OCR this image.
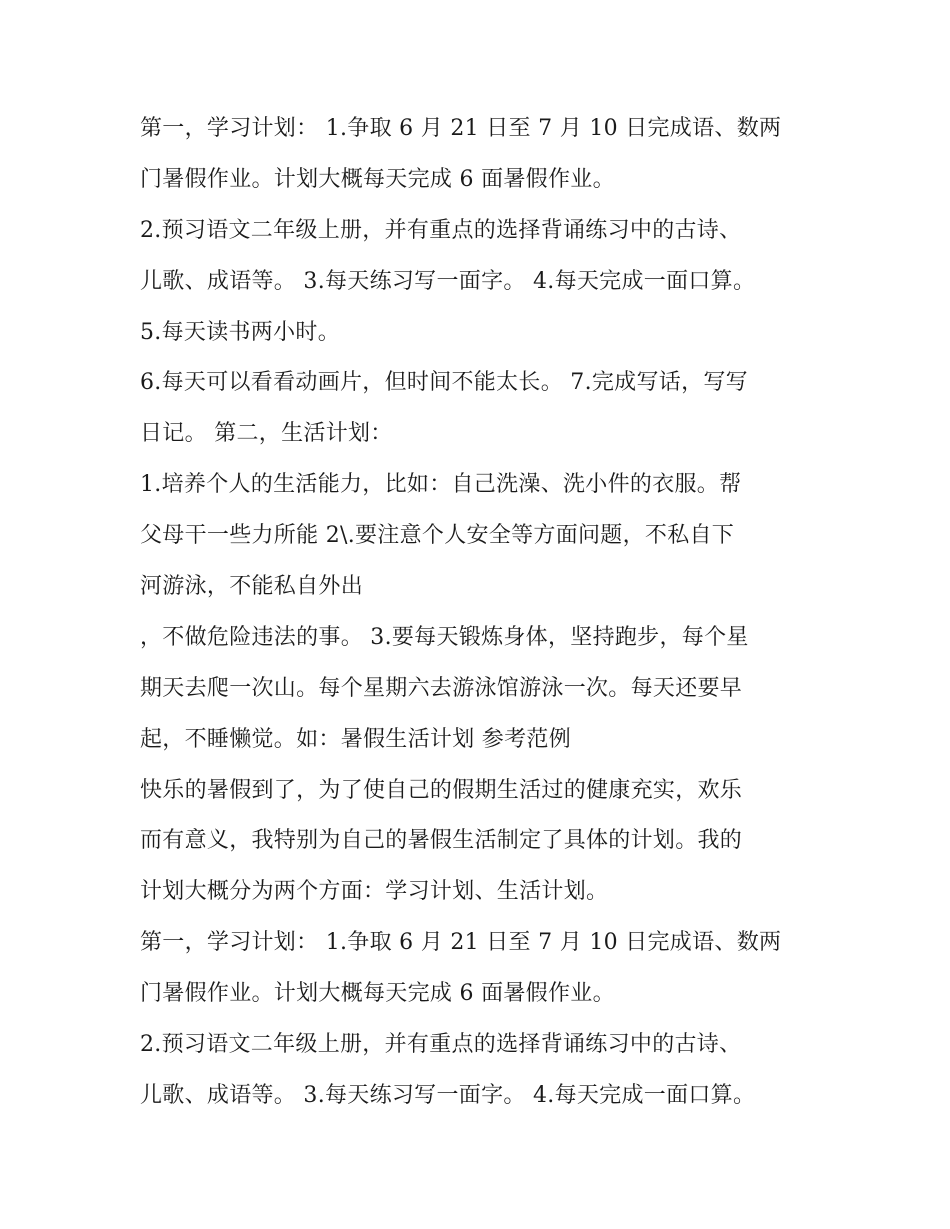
第一，学习计划： 1.争取 6 月 21 日至 7 月 10 日完成语、数两
门暑假作业。计划大概每天完成 6 面暑假作业。
2.预习语文二年级上册，并有重点的选择背诵练习中的古诗、
儿歌、成语等。 3.每天练习写一面字。 4.每天完成一面口算。
5.每天读书两小时。
6.每天可以看看动画片，但时间不能太长。 7.完成写话，写写
日记。 第二，生活计划：
1.培养个人的生活能力，比如：自己洗澡、洗小件的衣服。帮
父母干一些力所能 2\.要注意个人安全等方面问题，不私自下
河游泳，不能私自外出
，不做危险违法的事。 3.要每天锻炼身体，坚持跑步，每个星
期天去爬一次山。每个星期六去游泳馆游泳一次。每天还要早
起，不睡懒觉。如：暑假生活计划 参考范例
快乐的暑假到了，为了使自己的假期生活过的健康充实，欢乐
而有意义，我特别为自己的暑假生活制定了具体的计划。我的
计划大概分为两个方面：学习计划、生活计划。
第一，学习计划： 1.争取 6 月 21 日至 7 月 10 日完成语、数两
门暑假作业。计划大概每天完成 6 面暑假作业。
2.预习语文二年级上册，并有重点的选择背诵练习中的古诗、
儿歌、成语等。 3.每天练习写一面字。 4.每天完成一面口算。
